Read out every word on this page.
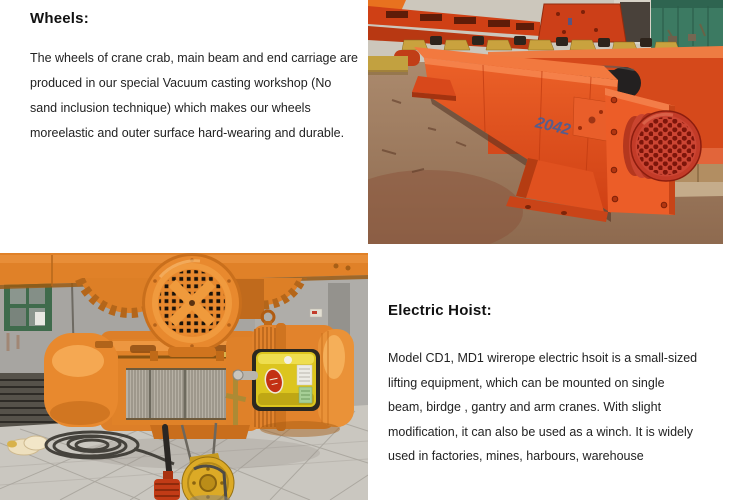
Wheels:
The wheels of crane crab, main beam and end carriage are
produced in our special Vacuum casting workshop (No
sand inclusion technique) which makes our wheels
moreelastic and outer surface hard-wearing and durable.	2042
Electric Hoist:
Model CD1, MD1 wirerope electric hsoit is a small-sized
lifting equipment, which can be mounted on single
beam, birdge , gantry and arm cranes. With slight
modification, it can also be used as a winch. It is widely
used in factories, mines, harbours, warehouse
